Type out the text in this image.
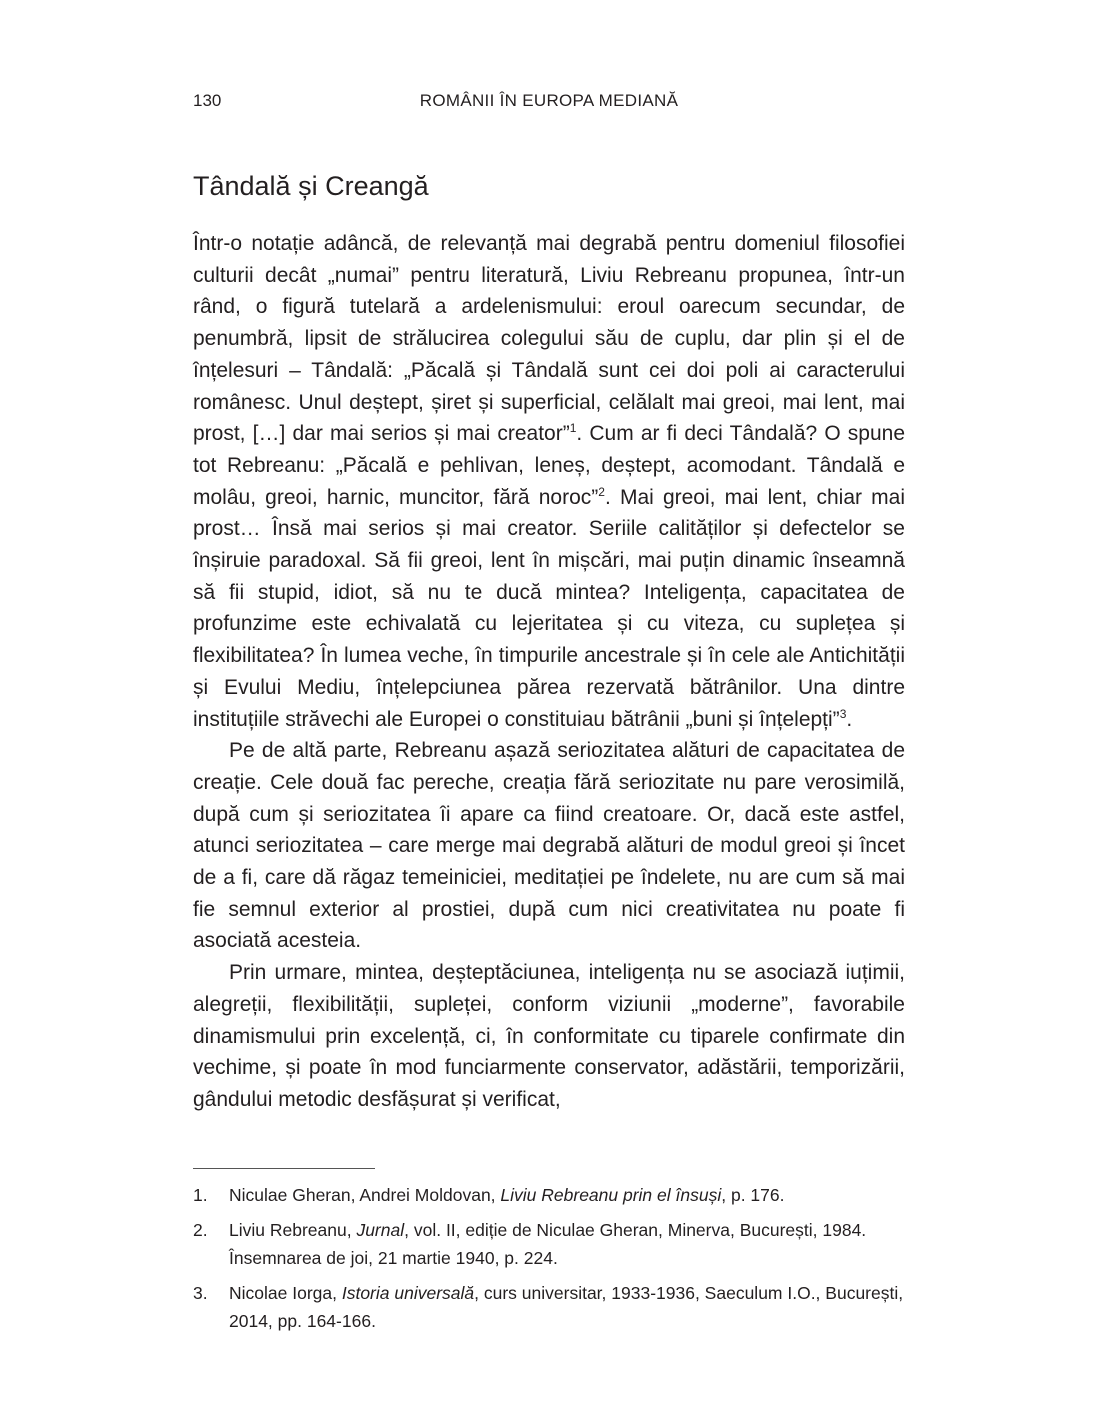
130	ROMÂNII ÎN EUROPA MEDIANĂ
Tândală și Creangă

Într-o notație adâncă, de relevanță mai degrabă pentru domeniul filosofiei culturii decât „numai” pentru literatură, Liviu Rebreanu propunea, într-un rând, o figură tutelară a ardelenismului: eroul oarecum secundar, de penumbră, lipsit de strălucirea colegului său de cuplu, dar plin și el de înțelesuri – Tândală: „Păcală și Tândală sunt cei doi poli ai caracterului românesc. Unul deștept, șiret și superficial, celălalt mai greoi, mai lent, mai prost, […] dar mai serios și mai creator”$^1$. Cum ar fi deci Tândală? O spune tot Rebreanu: „Păcală e pehlivan, leneș, deștept, acomodant. Tândală e molâu, greoi, harnic, muncitor, fără noroc”$^2$. Mai greoi, mai lent, chiar mai prost… Însă mai serios și mai creator. Seriile calităților și defectelor se înșiruie paradoxal. Să fii greoi, lent în mișcări, mai puțin dinamic înseamnă să fii stupid, idiot, să nu te ducă mintea? Inteligența, capacitatea de profunzime este echivalată cu lejeritatea și cu viteza, cu suplețea și flexibilitatea? În lumea veche, în timpurile ancestrale și în cele ale Antichității și Evului Mediu, înțelepciunea părea rezervată bătrânilor. Una dintre instituțiile străvechi ale Europei o constituiau bătrânii „buni și înțelepți”$^3$.

Pe de altă parte, Rebreanu așază seriozitatea alături de capacitatea de creație. Cele două fac pereche, creația fără seriozitate nu pare verosimilă, după cum și seriozitatea îi apare ca fiind creatoare. Or, dacă este astfel, atunci seriozitatea – care merge mai degrabă alături de modul greoi și încet de a fi, care dă răgaz temeiniciei, meditației pe îndelete, nu are cum să mai fie semnul exterior al prostiei, după cum nici creativitatea nu poate fi asociată acesteia.

Prin urmare, mintea, deșteptăciunea, inteligența nu se asociază iuțimii, alegreții, flexibilității, supleței, conform viziunii „moderne”, favorabile dinamismului prin excelență, ci, în conformitate cu tiparele confirmate din vechime, și poate în mod funciarmente conservator, adăstării, temporizării, gândului metodic desfășurat și verificat,

1.	Niculae Gheran, Andrei Moldovan, Liviu Rebreanu prin el însuși, p. 176.
2.	Liviu Rebreanu, Jurnal, vol. II, ediție de Niculae Gheran, Minerva, București, 1984. Însemnarea de joi, 21 martie 1940, p. 224.
3.	Nicolae Iorga, Istoria universală, curs universitar, 1933-1936, Saeculum I.O., București, 2014, pp. 164-166.
